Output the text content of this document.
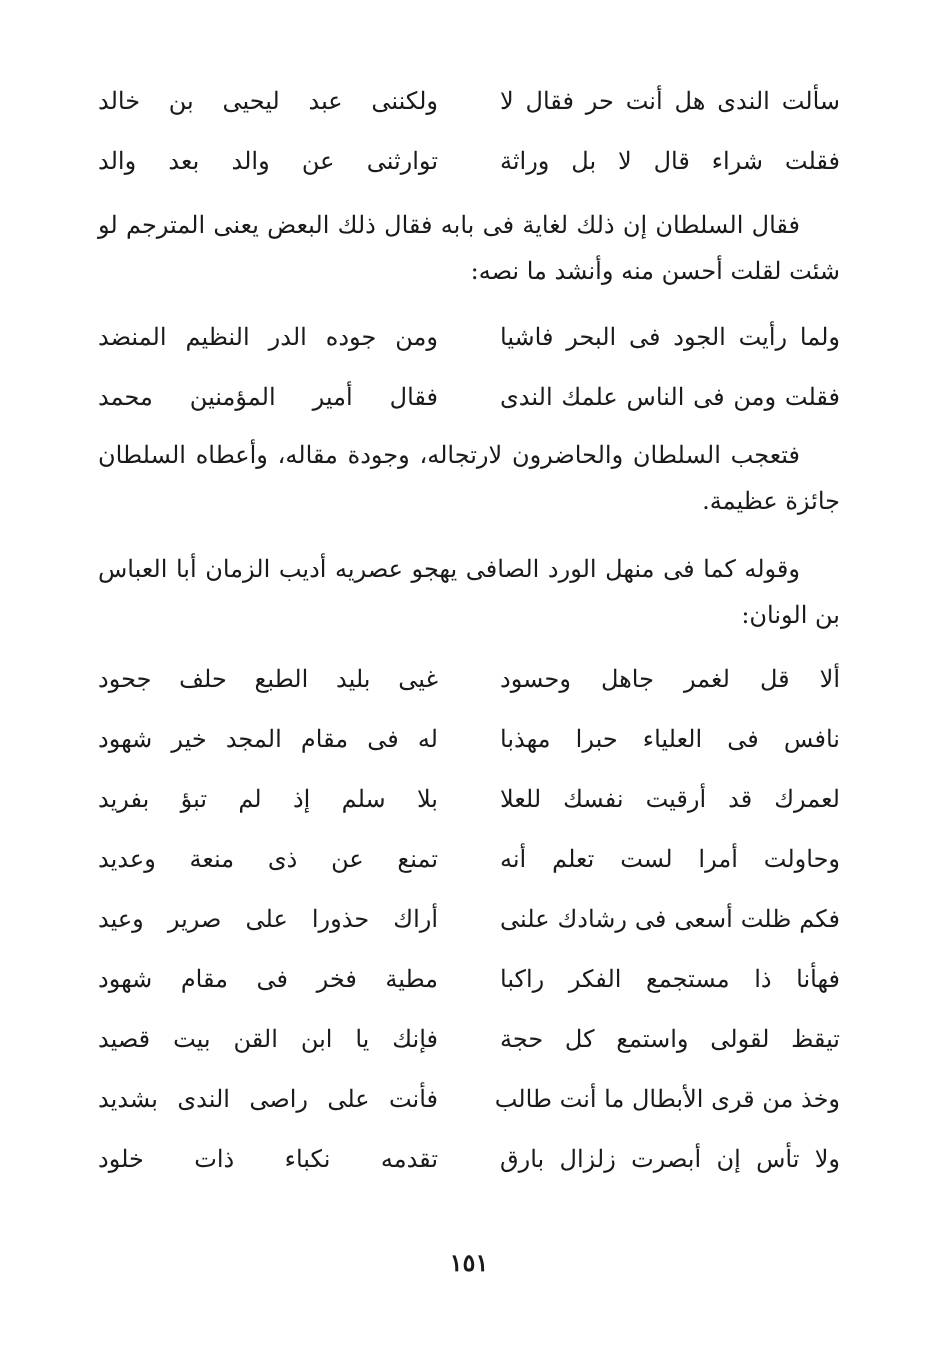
سألت الندى هل أنت حر فقال لا
ولكننى عبد ليحيى بن خالد
فقلت شراء قال لا بل وراثة
توارثنى عن والد بعد والد
فقال السلطان إن ذلك لغاية فى بابه فقال ذلك البعض يعنى المترجم لو شئت لقلت أحسن منه وأنشد ما نصه:
ولما رأيت الجود فى البحر فاشيا
ومن جوده الدر النظيم المنضد
فقلت ومن فى الناس علمك الندى
فقال أمير المؤمنين محمد
فتعجب السلطان والحاضرون لارتجاله، وجودة مقاله، وأعطاه السلطان جائزة عظيمة.
وقوله كما فى منهل الورد الصافى يهجو عصريه أديب الزمان أبا العباس بن الونان:
ألا قل لغمر جاهل وحسود
غيى بليد الطبع حلف جحود
نافس فى العلياء حبرا مهذبا
له فى مقام المجد خير شهود
لعمرك قد أرقيت نفسك للعلا
بلا سلم إذ لم تبؤ بفريد
وحاولت أمرا لست تعلم أنه
تمنع عن ذى منعة وعديد
فكم ظلت أسعى فى رشادك علنى
أراك حذورا على صرير وعيد
فهأنا ذا مستجمع الفكر راكبا
مطية فخر فى مقام شهود
تيقظ لقولى واستمع كل حجة
فإنك يا ابن القن بيت قصيد
وخذ من قرى الأبطال ما أنت طالب
فأنت على راصى الندى بشديد
ولا تأس إن أبصرت زلزال بارق
تقدمه نكباء ذات خلود
١٥١
